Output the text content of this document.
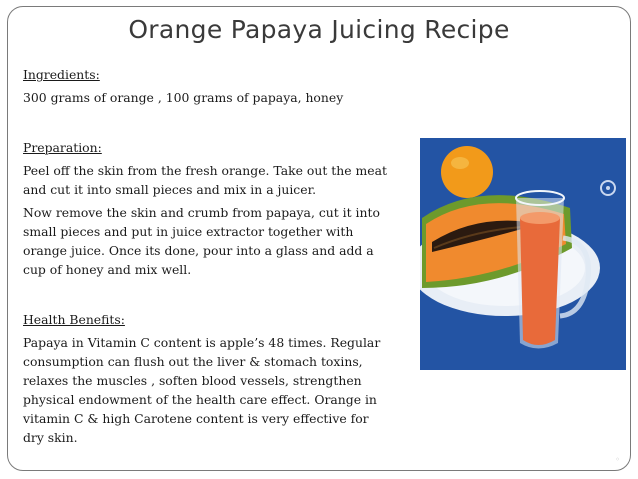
Orange Papaya Juicing Recipe

Ingredients:

300 grams of orange , 100 grams of papaya, honey

Preparation:

Peel off the skin from the fresh orange. Take out the meat and cut it into small pieces and mix in a juicer.

Now remove the skin and crumb from papaya, cut it into small pieces and put in juice extractor together with orange juice. Once its done, pour into a glass and add a cup of honey and mix well.

Health Benefits:

Papaya in Vitamin C content is apple’s 48 times. Regular consumption can flush out the liver & stomach toxins, relaxes the muscles , soften blood vessels, strengthen physical endowment of the health care effect. Orange in vitamin C & high Carotene content is very effective for dry skin.

◦
